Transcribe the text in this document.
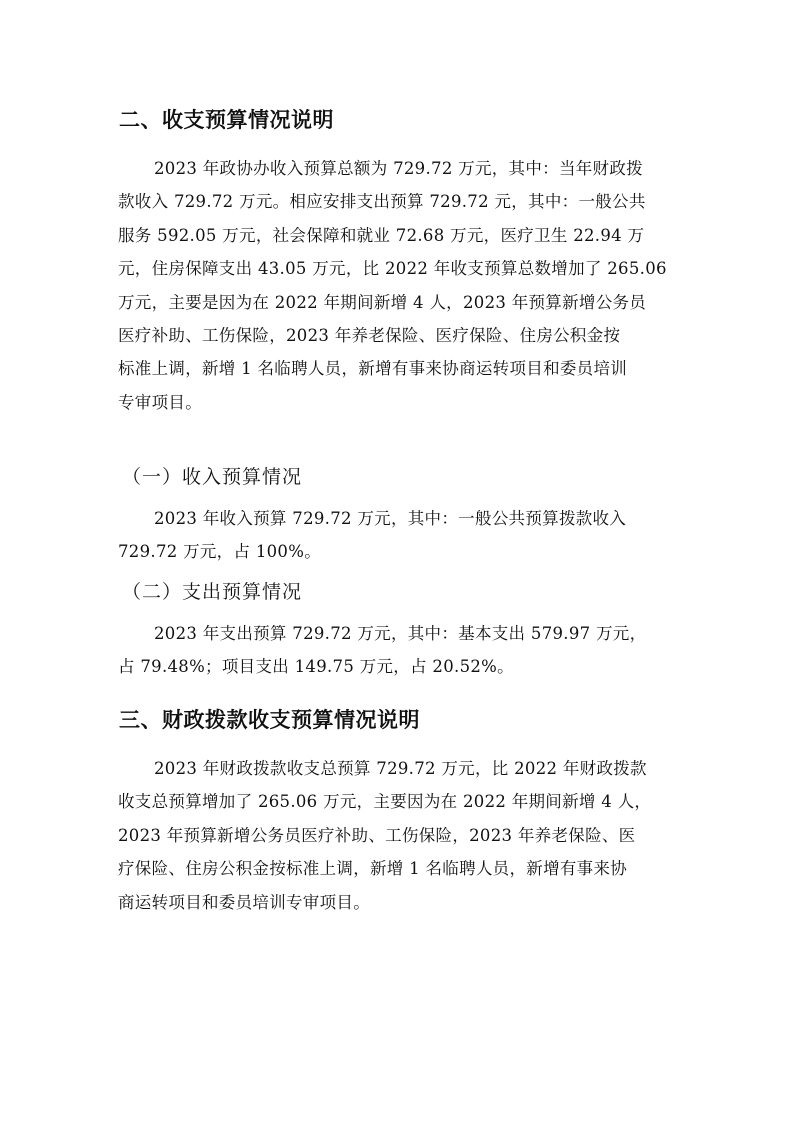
二、收支预算情况说明
2023 年政协办收入预算总额为 729.72 万元，其中：当年财政拨
款收入 729.72 万元。相应安排支出预算 729.72 元，其中：一般公共
服务 592.05 万元，社会保障和就业 72.68 万元，医疗卫生 22.94 万
元，住房保障支出 43.05 万元，比 2022 年收支预算总数增加了 265.06
万元，主要是因为在 2022 年期间新增 4 人，2023 年预算新增公务员
医疗补助、工伤保险，2023 年养老保险、医疗保险、住房公积金按
标准上调，新增 1 名临聘人员，新增有事来协商运转项目和委员培训
专审项目。
（一）收入预算情况
2023 年收入预算 729.72 万元，其中：一般公共预算拨款收入
729.72 万元，占 100%。
（二）支出预算情况
2023 年支出预算 729.72 万元，其中：基本支出 579.97 万元，
占 79.48%；项目支出 149.75 万元，占 20.52%。
三、财政拨款收支预算情况说明
2023 年财政拨款收支总预算 729.72 万元，比 2022 年财政拨款
收支总预算增加了 265.06 万元，主要因为在 2022 年期间新增 4 人，
2023 年预算新增公务员医疗补助、工伤保险，2023 年养老保险、医
疗保险、住房公积金按标准上调，新增 1 名临聘人员，新增有事来协
商运转项目和委员培训专审项目。
